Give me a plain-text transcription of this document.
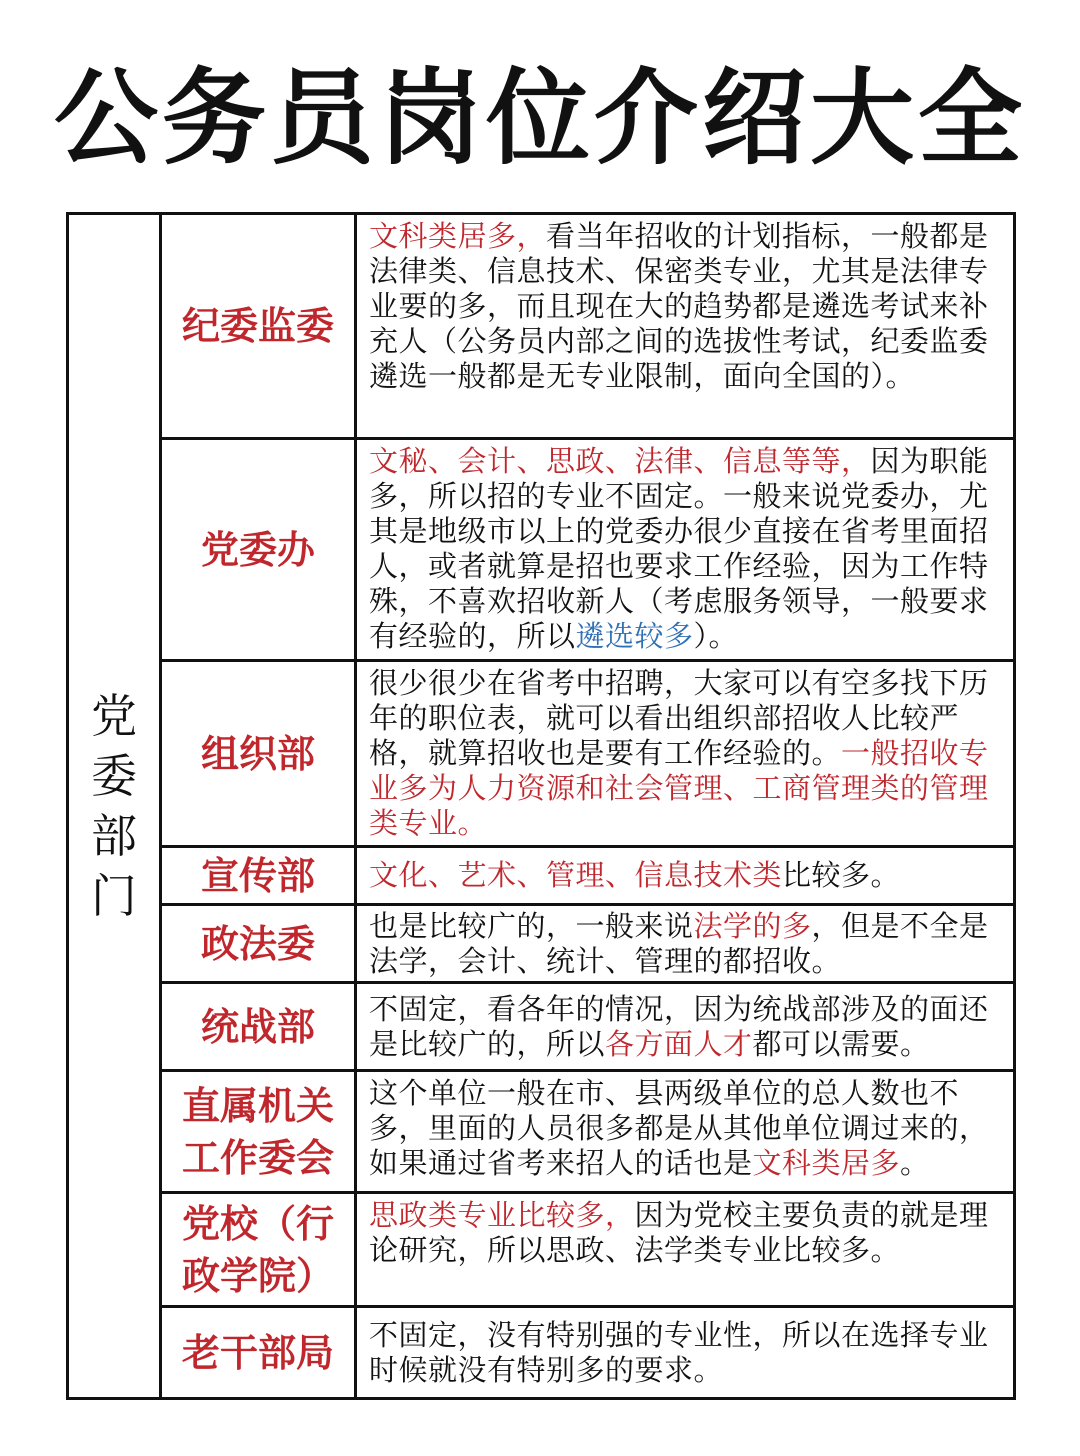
公务员岗位介绍大全
党委部门
纪委监委
文科类居多，看当年招收的计划指标，一般都是法律类、信息技术、保密类专业，尤其是法律专业要的多，而且现在大的趋势都是遴选考试来补充人（公务员内部之间的选拔性考试，纪委监委遴选一般都是无专业限制，面向全国的）。
党委办
文秘、会计、思政、法律、信息等等，因为职能多，所以招的专业不固定。一般来说党委办，尤其是地级市以上的党委办很少直接在省考里面招人，或者就算是招也要求工作经验，因为工作特殊，不喜欢招收新人（考虑服务领导，一般要求有经验的，所以遴选较多）。
组织部
很少很少在省考中招聘，大家可以有空多找下历年的职位表，就可以看出组织部招收人比较严格，就算招收也是要有工作经验的。一般招收专业多为人力资源和社会管理、工商管理类的管理类专业。
宣传部 文化、艺术、管理、信息技术类比较多。
政法委 也是比较广的，一般来说法学的多，但是不全是法学，会计、统计、管理的都招收。
统战部 不固定，看各年的情况，因为统战部涉及的面还是比较广的，所以各方面人才都可以需要。
直属机关工作委会
这个单位一般在市、县两级单位的总人数也不多，里面的人员很多都是从其他单位调过来的，如果通过省考来招人的话也是文科类居多。
党校（行政学院）
思政类专业比较多，因为党校主要负责的就是理论研究，所以思政、法学类专业比较多。
老干部局 不固定，没有特别强的专业性，所以在选择专业时候就没有特别多的要求。
